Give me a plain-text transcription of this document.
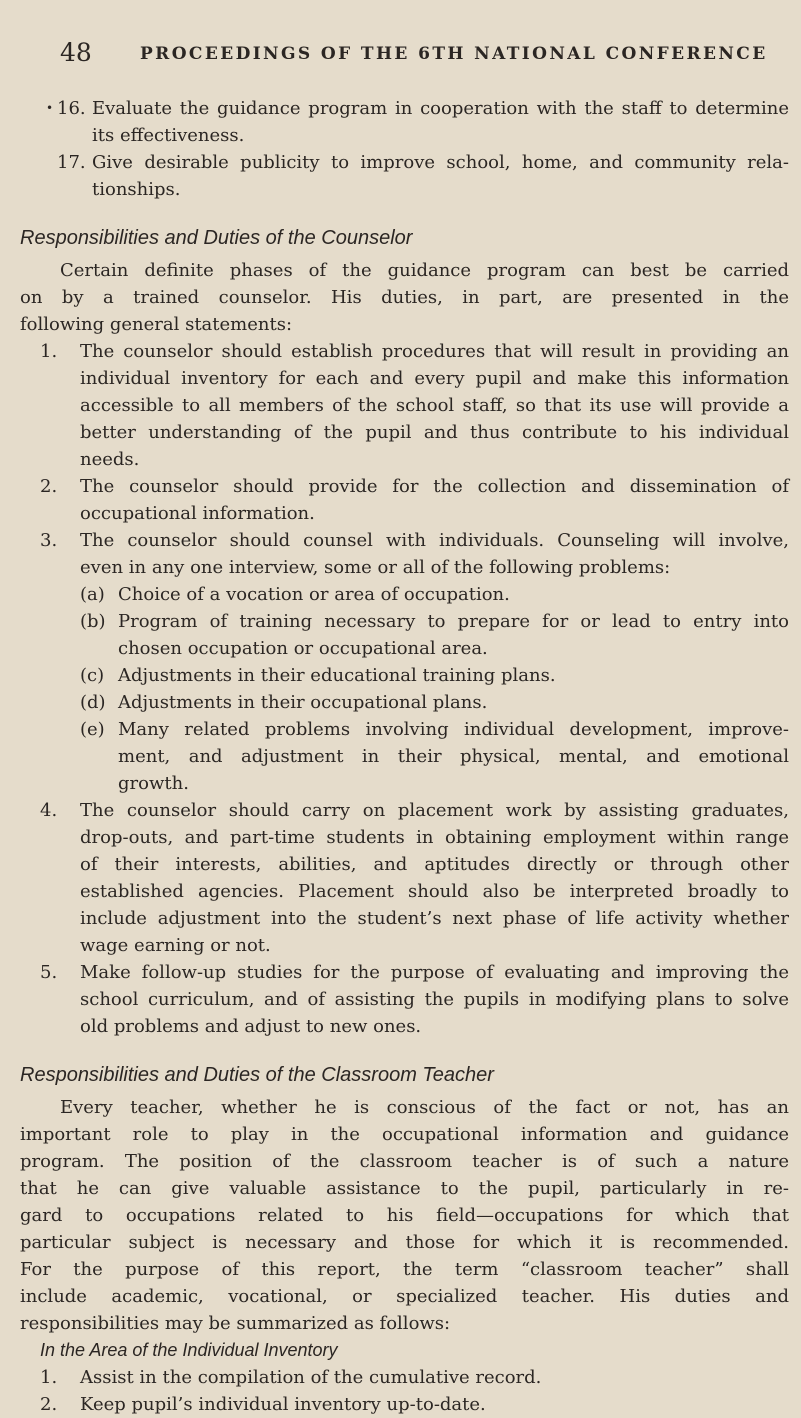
48	PROCEEDINGS OF THE 6TH NATIONAL CONFERENCE
16.
• Evaluate the guidance program in cooperation with the staff to determine
its effectiveness.
17. Give desirable publicity to improve school, home, and community rela-
tionships.
Responsibilities and Duties of the Counselor
Certain definite phases of the guidance program can best be carried
on by a trained counselor. His duties, in part, are presented in the
following general statements:
1. The counselor should establish procedures that will result in providing an
individual inventory for each and every pupil and make this information
accessible to all members of the school staff, so that its use will provide a
better understanding of the pupil and thus contribute to his individual
needs.
2. The counselor should provide for the collection and dissemination of
occupational information.
3. The counselor should counsel with individuals. Counseling will involve,
even in any one interview, some or all of the following problems:
(a) Choice of a vocation or area of occupation.
(b) Program of training necessary to prepare for or lead to entry into
chosen occupation or occupational area.
(c) Adjustments in their educational training plans.
(d) Adjustments in their occupational plans.
(e) Many related problems involving individual development, improve-
ment, and adjustment in their physical, mental, and emotional
growth.
4. The counselor should carry on placement work by assisting graduates,
drop-outs, and part-time students in obtaining employment within range
of their interests, abilities, and aptitudes directly or through other
established agencies. Placement should also be interpreted broadly to
include adjustment into the student’s next phase of life activity whether
wage earning or not.
5. Make follow-up studies for the purpose of evaluating and improving the
school curriculum, and of assisting the pupils in modifying plans to solve
old problems and adjust to new ones.
Responsibilities and Duties of the Classroom Teacher
Every teacher, whether he is conscious of the fact or not, has an
important role to play in the occupational information and guidance
program. The position of the classroom teacher is of such a nature
that he can give valuable assistance to the pupil, particularly in re-
gard to occupations related to his field—occupations for which that
particular subject is necessary and those for which it is recommended.
For the purpose of this report, the term “classroom teacher” shall
include academic, vocational, or specialized teacher. His duties and
responsibilities may be summarized as follows:
In the Area of the Individual Inventory
1. Assist in the compilation of the cumulative record.
2. Keep pupil’s individual inventory up-to-date.
